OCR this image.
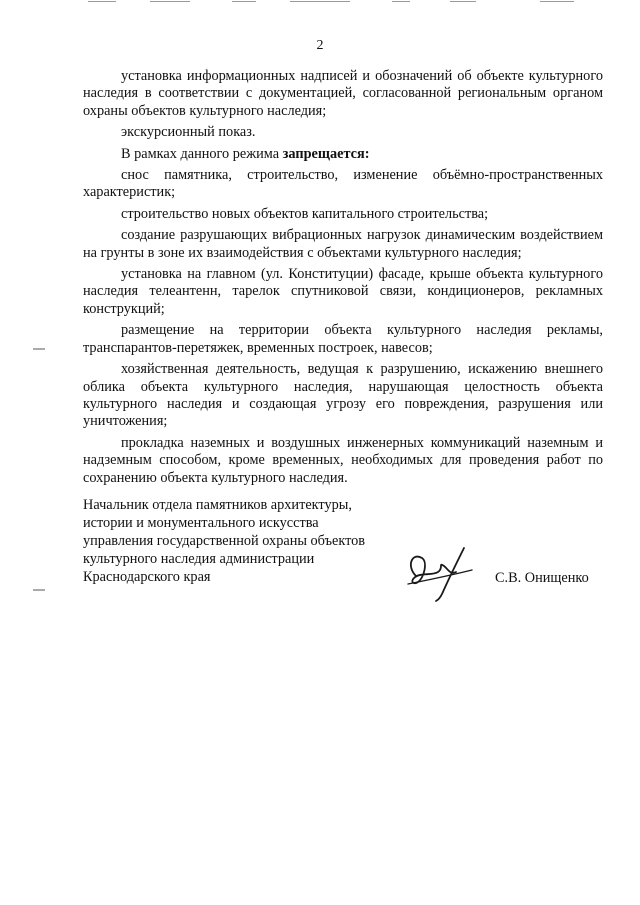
2

установка информационных надписей и обозначений об объекте культурного наследия в соответствии с документацией, согласованной региональным органом охраны объектов культурного наследия;

экскурсионный показ.

В рамках данного режима запрещается:

снос памятника, строительство, изменение объёмно-пространственных характеристик;

строительство новых объектов капитального строительства;

создание разрушающих вибрационных нагрузок динамическим воздействием на грунты в зоне их взаимодействия с объектами культурного наследия;

установка на главном (ул. Конституции) фасаде, крыше объекта культурного наследия телеантенн, тарелок спутниковой связи, кондиционеров, рекламных конструкций;

размещение на территории объекта культурного наследия рекламы, транспарантов-перетяжек, временных построек, навесов;

хозяйственная деятельность, ведущая к разрушению, искажению внешнего облика объекта культурного наследия, нарушающая целостность объекта культурного наследия и создающая угрозу его повреждения, разрушения или уничтожения;

прокладка наземных и воздушных инженерных коммуникаций наземным и надземным способом, кроме временных, необходимых для проведения работ по сохранению объекта культурного наследия.

Начальник отдела памятников архитектуры,
истории и монументального искусства
управления государственной охраны объектов
культурного наследия администрации
Краснодарского края	С.В. Онищенко
